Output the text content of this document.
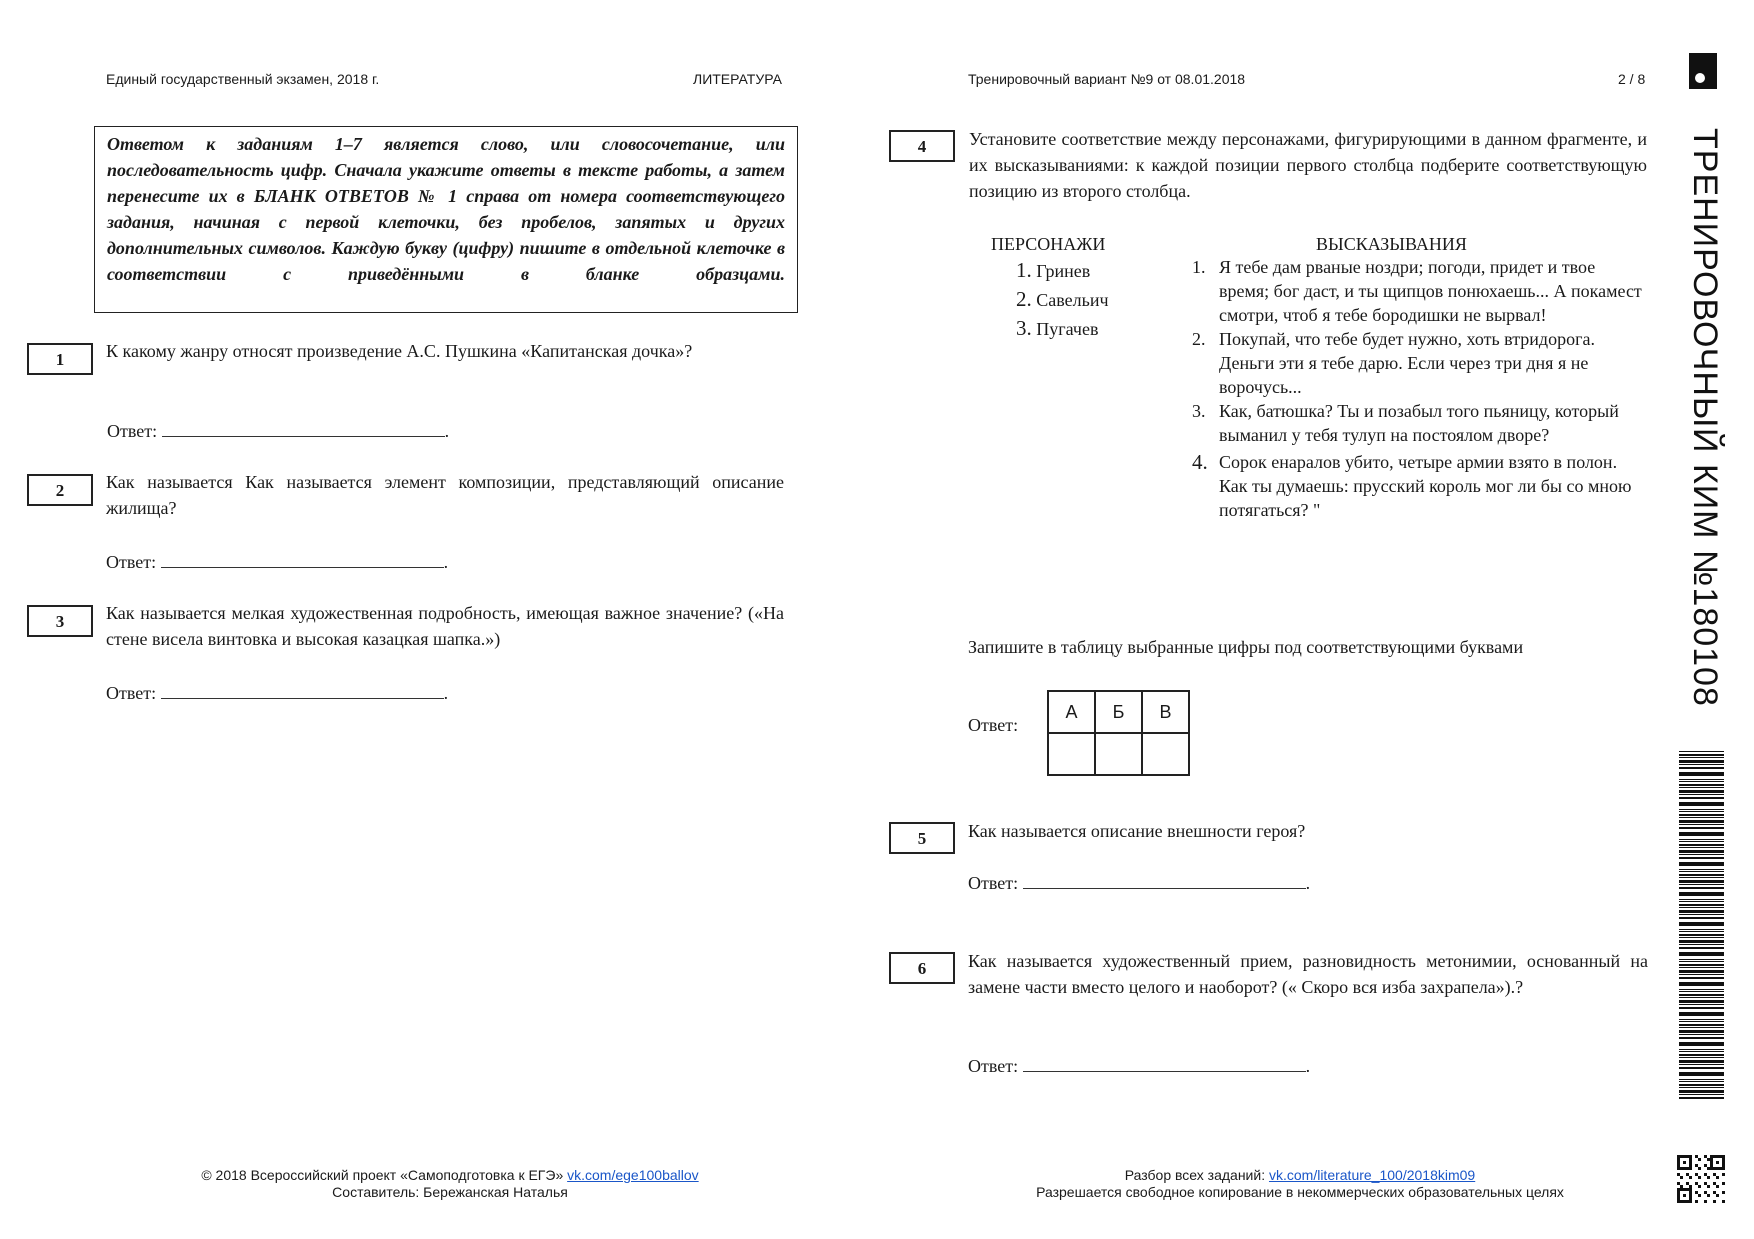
Единый государственный экзамен, 2018 г.	ЛИТЕРАТУРА	Тренировочный вариант №9 от 08.01.2018	2 / 8
Ответом к заданиям 1–7 является слово, или словосочетание, или последовательность цифр. Сначала укажите ответы в тексте работы, а затем перенесите их в БЛАНК ОТВЕТОВ № 1 справа от номера соответствующего задания, начиная с первой клеточки, без пробелов, запятых и других дополнительных символов. Каждую букву (цифру) пишите в отдельной клеточке в соответствии с приведёнными в бланке образцами.
1	К какому жанру относят произведение А.С. Пушкина «Капитанская дочка»?
Ответ:	.
2	Как называется Как называется элемент композиции, представляющий описание жилища?
Ответ:	.
3	Как называется мелкая художественная подробность, имеющая важное значение? («На стене висела винтовка и высокая казацкая шапка.»)
Ответ:	.
4	Установите соответствие между персонажами, фигурирующими в данном фрагменте, и их высказываниями: к каждой позиции первого столбца подберите соответствующую позицию из второго столбца.
ПЕРСОНАЖИ	ВЫСКАЗЫВАНИЯ
1. Гринев
2. Савельич
3. Пугачев
1. Я тебе дам рваные ноздри; погоди, придет и твое время; бог даст, и ты щипцов понюхаешь... А покамест смотри, чтоб я тебе бородишки не вырвал!
2. Покупай, что тебе будет нужно, хоть втридорога. Деньги эти я тебе дарю. Если через три дня я не ворочусь...
3. Как, батюшка? Ты и позабыл того пьяницу, который выманил у тебя тулуп на постоялом дворе?
4. Сорок енаралов убито, четыре армии взято в полон. Как ты думаешь: прусский король мог ли бы со мною потягаться? "
Запишите в таблицу выбранные цифры под соответствующими буквами
Ответ:
А	Б	В

5	Как называется описание внешности героя?
Ответ:	.
6	Как называется художественный прием, разновидность метонимии, основанный на замене части вместо целого и наоборот? (« Скоро вся изба захрапела»).?
Ответ:	.
ТРЕНИРОВОЧНЫЙ КИМ №180108
© 2018 Всероссийский проект «Самоподготовка к ЕГЭ» vk.com/ege100ballov
Составитель: Бережанская Наталья
Разбор всех заданий: vk.com/literature_100/2018kim09
Разрешается свободное копирование в некоммерческих образовательных целях
